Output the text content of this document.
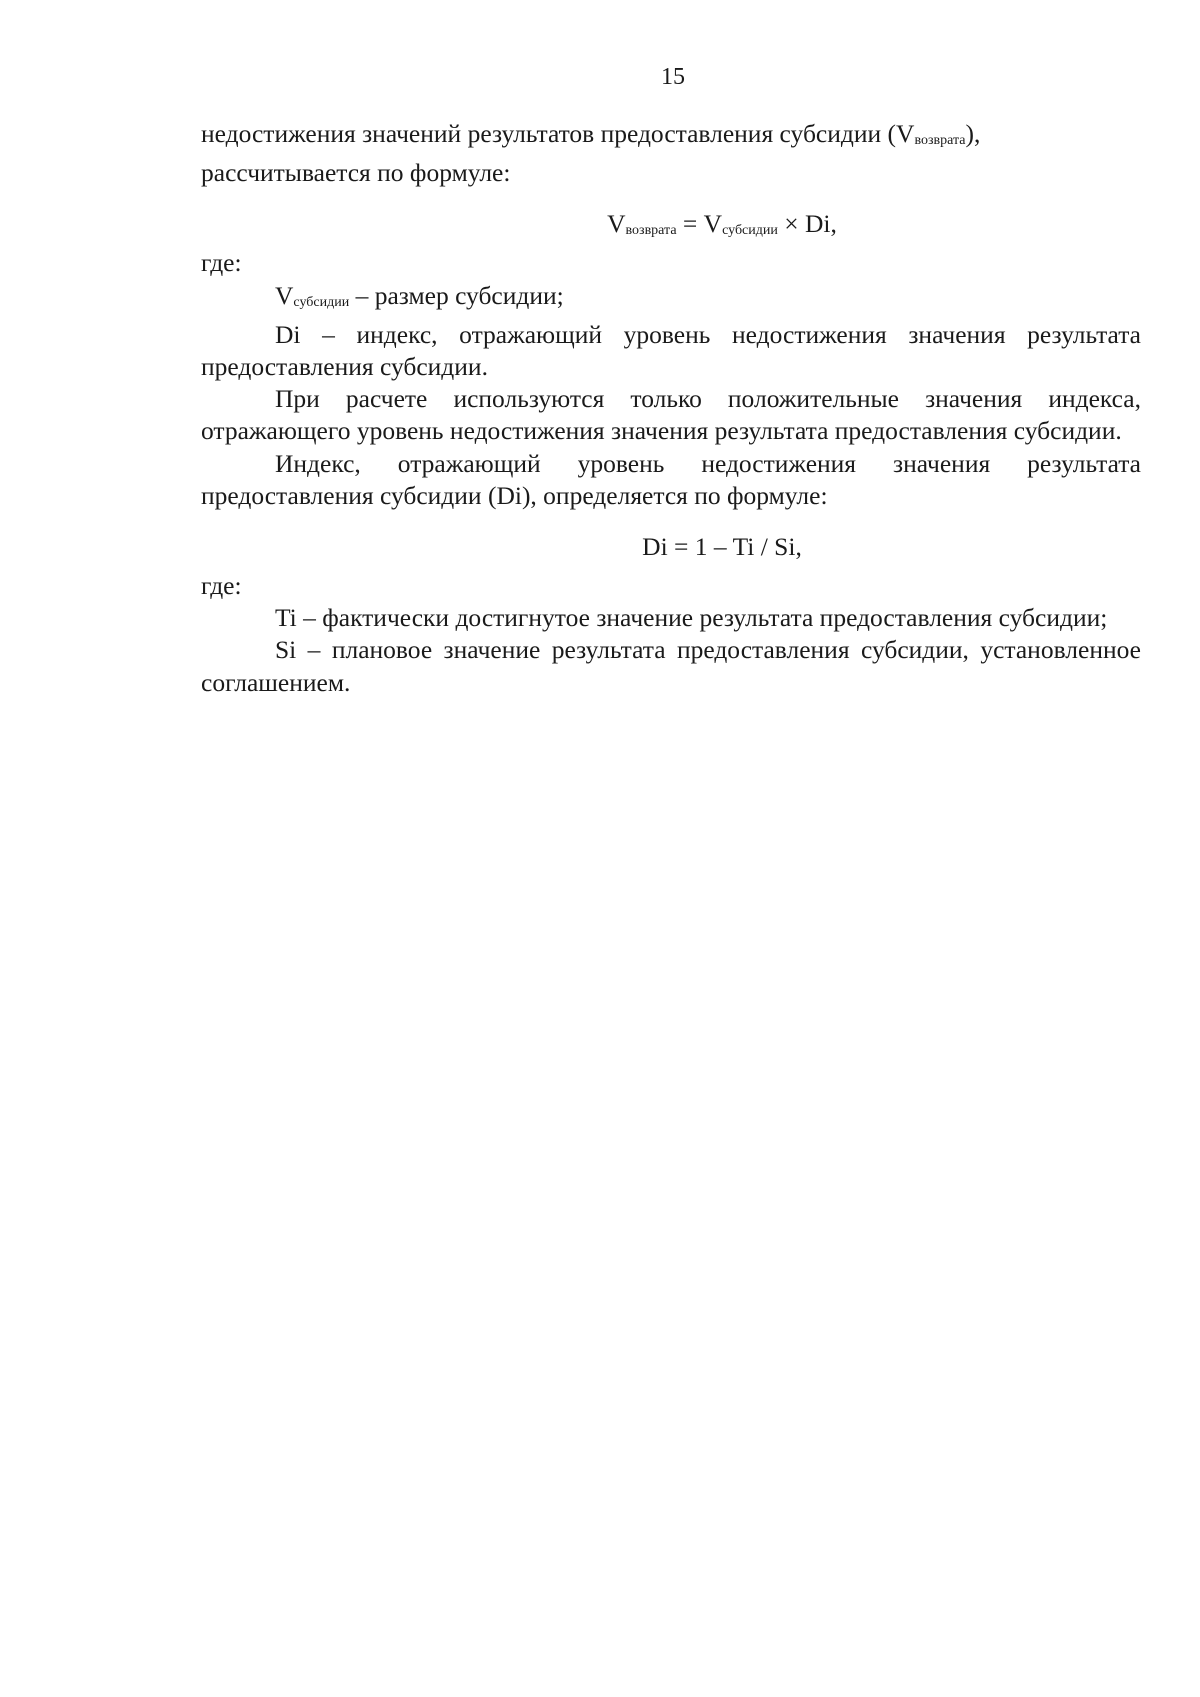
15

недостижения значений результатов предоставления субсидии $(V_{возврата})$,
рассчитывается по формуле:

$V_{возврата} = V_{субсидии} \times Di$,

где:

$V_{субсидии}$ – размер субсидии;

Di – индекс, отражающий уровень недостижения значения результата предоставления субсидии.

При расчете используются только положительные значения индекса, отражающего уровень недостижения значения результата предоставления субсидии.

Индекс, отражающий уровень недостижения значения результата предоставления субсидии (Di), определяется по формуле:

Di = 1 – Ti / Si,

где:

Ti – фактически достигнутое значение результата предоставления субсидии;

Si – плановое значение результата предоставления субсидии, установленное соглашением.
